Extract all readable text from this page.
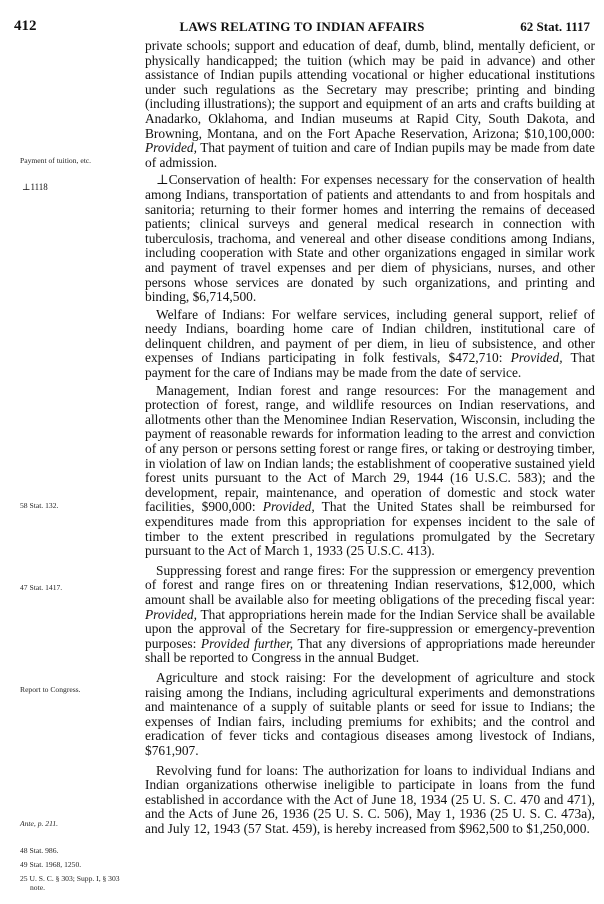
412	LAWS RELATING TO INDIAN AFFAIRS	62 Stat. 1117
Payment of tuition, etc.
⊥1118
58 Stat. 132.
47 Stat. 1417.
Report to Congress.
Ante, p. 211.
48 Stat. 986.
49 Stat. 1968, 1250.
25 U. S. C. § 303; Supp. I, § 303 note.

private schools; support and education of deaf, dumb, blind, mentally deficient, or physically handicapped; the tuition (which may be paid in advance) and other assistance of Indian pupils attending vocational or higher educational institutions under such regulations as the Secretary may prescribe; printing and binding (including illustrations); the support and equipment of an arts and crafts building at Anadarko, Oklahoma, and Indian museums at Rapid City, South Dakota, and Browning, Montana, and on the Fort Apache Reservation, Arizona; $10,100,000: Provided, That payment of tuition and care of Indian pupils may be made from date of admission.

⊥Conservation of health: For expenses necessary for the conservation of health among Indians, transportation of patients and attendants to and from hospitals and sanitoria; returning to their former homes and interring the remains of deceased patients; clinical surveys and general medical research in connection with tuberculosis, trachoma, and venereal and other disease conditions among Indians, including cooperation with State and other organizations engaged in similar work and payment of travel expenses and per diem of physicians, nurses, and other persons whose services are donated by such organizations, and printing and binding, $6,714,500.

Welfare of Indians: For welfare services, including general support, relief of needy Indians, boarding home care of Indian children, institutional care of delinquent children, and payment of per diem, in lieu of subsistence, and other expenses of Indians participating in folk festivals, $472,710: Provided, That payment for the care of Indians may be made from the date of service.

Management, Indian forest and range resources: For the management and protection of forest, range, and wildlife resources on Indian reservations, and allotments other than the Menominee Indian Reservation, Wisconsin, including the payment of reasonable rewards for information leading to the arrest and conviction of any person or persons setting forest or range fires, or taking or destroying timber, in violation of law on Indian lands; the establishment of cooperative sustained yield forest units pursuant to the Act of March 29, 1944 (16 U.S.C. 583); and the development, repair, maintenance, and operation of domestic and stock water facilities, $900,000: Provided, That the United States shall be reimbursed for expenditures made from this appropriation for expenses incident to the sale of timber to the extent prescribed in regulations promulgated by the Secretary pursuant to the Act of March 1, 1933 (25 U.S.C. 413).

Suppressing forest and range fires: For the suppression or emergency prevention of forest and range fires on or threatening Indian reservations, $12,000, which amount shall be available also for meeting obligations of the preceding fiscal year: Provided, That appropriations herein made for the Indian Service shall be available upon the approval of the Secretary for fire-suppression or emergency-prevention purposes: Provided further, That any diversions of appropriations made hereunder shall be reported to Congress in the annual Budget.

Agriculture and stock raising: For the development of agriculture and stock raising among the Indians, including agricultural experiments and demonstrations and maintenance of a supply of suitable plants or seed for issue to Indians; the expenses of Indian fairs, including premiums for exhibits; and the control and eradication of fever ticks and contagious diseases among livestock of Indians, $761,907.

Revolving fund for loans: The authorization for loans to individual Indians and Indian organizations otherwise ineligible to participate in loans from the fund established in accordance with the Act of June 18, 1934 (25 U. S. C. 470 and 471), and the Acts of June 26, 1936 (25 U. S. C. 506), May 1, 1936 (25 U. S. C. 473a), and July 12, 1943 (57 Stat. 459), is hereby increased from $962,500 to $1,250,000.
